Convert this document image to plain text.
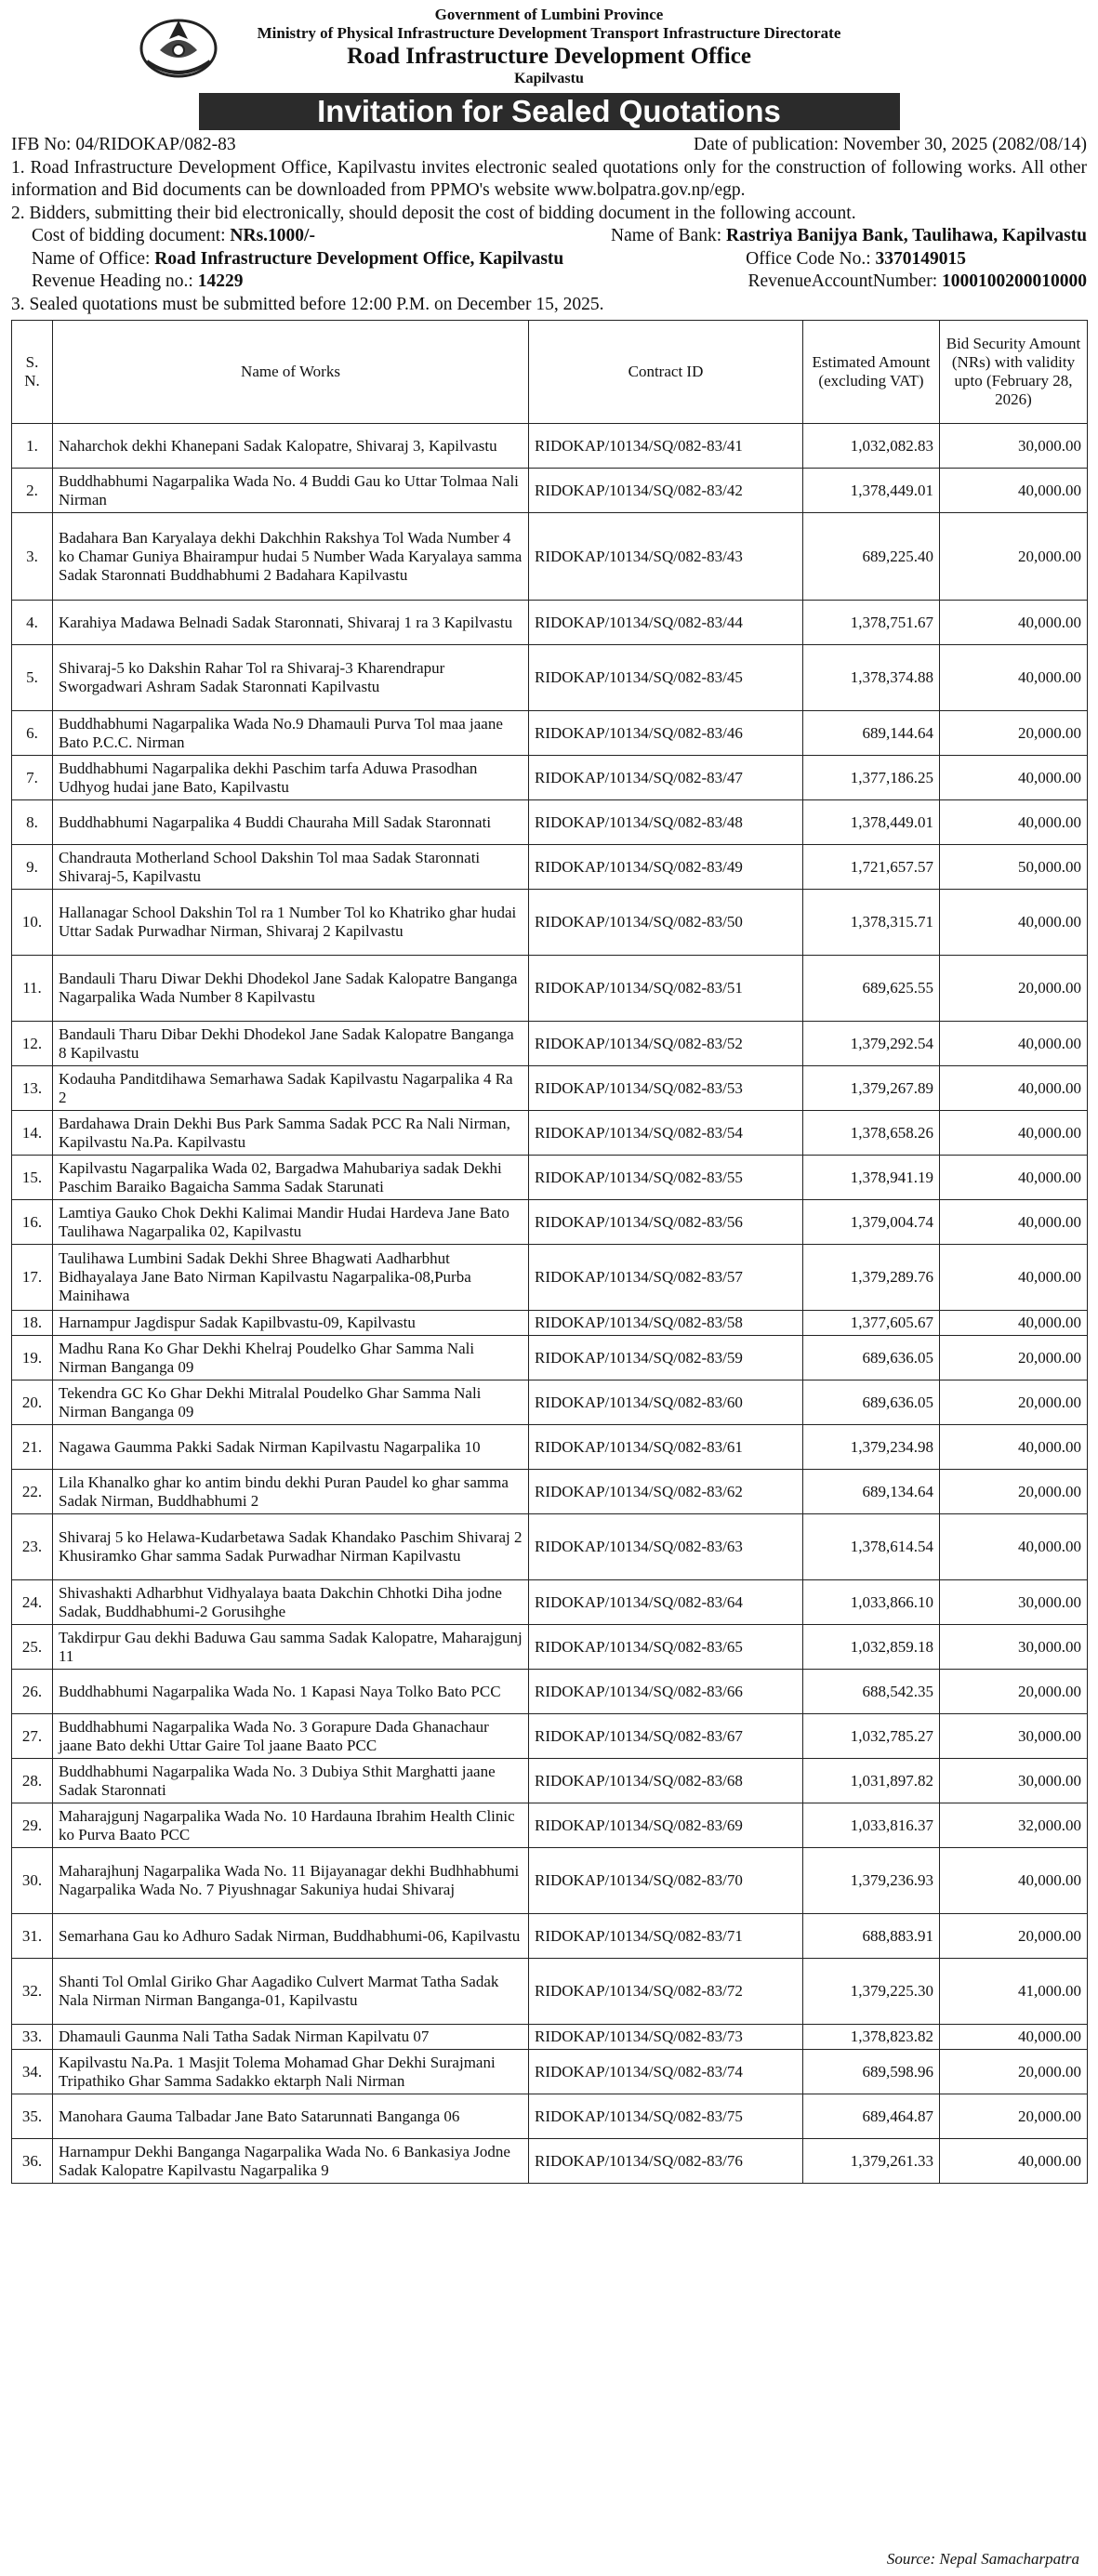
Government of Lumbini Province
Ministry of Physical Infrastructure Development Transport Infrastructure Directorate
Road Infrastructure Development Office
Kapilvastu
Invitation for Sealed Quotations
IFB No: 04/RIDOKAP/082-83	Date of publication: November 30, 2025 (2082/08/14)
1. Road Infrastructure Development Office, Kapilvastu invites electronic sealed quotations only for the construction of following works. All other information and Bid documents can be downloaded from PPMO's website www.bolpatra.gov.np/egp.
2. Bidders, submitting their bid electronically, should deposit the cost of bidding document in the following account.
Cost of bidding document: NRs.1000/-	Name of Bank: Rastriya Banijya Bank, Taulihawa, Kapilvastu
Name of Office: Road Infrastructure Development Office, Kapilvastu	Office Code No.: 3370149015
Revenue Heading no.: 14229	RevenueAccountNumber: 1000100200010000
3. Sealed quotations must be submitted before 12:00 P.M. on December 15, 2025.
S. N.	Name of Works	Contract ID	Estimated Amount (excluding VAT)	Bid Security Amount (NRs) with validity upto (February 28, 2026)
1.	Naharchok dekhi Khanepani Sadak Kalopatre, Shivaraj 3, Kapilvastu	RIDOKAP/10134/SQ/082-83/41	1,032,082.83	30,000.00
2.	Buddhabhumi Nagarpalika Wada No. 4 Buddi Gau ko Uttar Tolmaa Nali Nirman	RIDOKAP/10134/SQ/082-83/42	1,378,449.01	40,000.00
3.	Badahara Ban Karyalaya dekhi Dakchhin Rakshya Tol Wada Number 4 ko Chamar Guniya Bhairampur hudai 5 Number Wada Karyalaya samma Sadak Staronnati Buddhabhumi 2 Badahara Kapilvastu	RIDOKAP/10134/SQ/082-83/43	689,225.40	20,000.00
4.	Karahiya Madawa Belnadi Sadak Staronnati, Shivaraj 1 ra 3 Kapilvastu	RIDOKAP/10134/SQ/082-83/44	1,378,751.67	40,000.00
5.	Shivaraj-5 ko Dakshin Rahar Tol ra Shivaraj-3 Kharendrapur Sworgadwari Ashram Sadak Staronnati Kapilvastu	RIDOKAP/10134/SQ/082-83/45	1,378,374.88	40,000.00
6.	Buddhabhumi Nagarpalika Wada No.9 Dhamauli Purva Tol maa jaane Bato P.C.C. Nirman	RIDOKAP/10134/SQ/082-83/46	689,144.64	20,000.00
7.	Buddhabhumi Nagarpalika dekhi Paschim tarfa Aduwa Prasodhan Udhyog hudai jane Bato, Kapilvastu	RIDOKAP/10134/SQ/082-83/47	1,377,186.25	40,000.00
8.	Buddhabhumi Nagarpalika 4 Buddi Chauraha Mill Sadak Staronnati	RIDOKAP/10134/SQ/082-83/48	1,378,449.01	40,000.00
9.	Chandrauta Motherland School Dakshin Tol maa Sadak Staronnati Shivaraj-5, Kapilvastu	RIDOKAP/10134/SQ/082-83/49	1,721,657.57	50,000.00
10.	Hallanagar School Dakshin Tol ra 1 Number Tol ko Khatriko ghar hudai Uttar Sadak Purwadhar Nirman, Shivaraj 2 Kapilvastu	RIDOKAP/10134/SQ/082-83/50	1,378,315.71	40,000.00
11.	Bandauli Tharu Diwar Dekhi Dhodekol Jane Sadak Kalopatre Banganga Nagarpalika Wada Number 8 Kapilvastu	RIDOKAP/10134/SQ/082-83/51	689,625.55	20,000.00
12.	Bandauli Tharu Dibar Dekhi Dhodekol Jane Sadak Kalopatre Banganga 8 Kapilvastu	RIDOKAP/10134/SQ/082-83/52	1,379,292.54	40,000.00
13.	Kodauha Panditdihawa Semarhawa Sadak Kapilvastu Nagarpalika 4 Ra 2	RIDOKAP/10134/SQ/082-83/53	1,379,267.89	40,000.00
14.	Bardahawa Drain Dekhi Bus Park Samma Sadak PCC Ra Nali Nirman, Kapilvastu Na.Pa. Kapilvastu	RIDOKAP/10134/SQ/082-83/54	1,378,658.26	40,000.00
15.	Kapilvastu Nagarpalika Wada 02, Bargadwa Mahubariya sadak Dekhi Paschim Baraiko Bagaicha Samma Sadak Starunati	RIDOKAP/10134/SQ/082-83/55	1,378,941.19	40,000.00
16.	Lamtiya Gauko Chok Dekhi Kalimai Mandir Hudai Hardeva Jane Bato Taulihawa Nagarpalika 02, Kapilvastu	RIDOKAP/10134/SQ/082-83/56	1,379,004.74	40,000.00
17.	Taulihawa Lumbini Sadak Dekhi Shree Bhagwati Aadharbhut Bidhayalaya Jane Bato Nirman Kapilvastu Nagarpalika-08,Purba Mainihawa	RIDOKAP/10134/SQ/082-83/57	1,379,289.76	40,000.00
18.	Harnampur Jagdispur Sadak Kapilbvastu-09, Kapilvastu	RIDOKAP/10134/SQ/082-83/58	1,377,605.67	40,000.00
19.	Madhu Rana Ko Ghar Dekhi Khelraj Poudelko Ghar Samma Nali Nirman Banganga 09	RIDOKAP/10134/SQ/082-83/59	689,636.05	20,000.00
20.	Tekendra GC Ko Ghar Dekhi Mitralal Poudelko Ghar Samma Nali Nirman Banganga 09	RIDOKAP/10134/SQ/082-83/60	689,636.05	20,000.00
21.	Nagawa Gaumma Pakki Sadak Nirman Kapilvastu Nagarpalika 10	RIDOKAP/10134/SQ/082-83/61	1,379,234.98	40,000.00
22.	Lila Khanalko ghar ko antim bindu dekhi Puran Paudel ko ghar samma Sadak Nirman, Buddhabhumi 2	RIDOKAP/10134/SQ/082-83/62	689,134.64	20,000.00
23.	Shivaraj 5 ko Helawa-Kudarbetawa Sadak Khandako Paschim Shivaraj 2 Khusiramko Ghar samma Sadak Purwadhar Nirman Kapilvastu	RIDOKAP/10134/SQ/082-83/63	1,378,614.54	40,000.00
24.	Shivashakti Adharbhut Vidhyalaya baata Dakchin Chhotki Diha jodne Sadak, Buddhabhumi-2 Gorusihghe	RIDOKAP/10134/SQ/082-83/64	1,033,866.10	30,000.00
25.	Takdirpur Gau dekhi Baduwa Gau samma Sadak Kalopatre, Maharajgunj 11	RIDOKAP/10134/SQ/082-83/65	1,032,859.18	30,000.00
26.	Buddhabhumi Nagarpalika Wada No. 1 Kapasi Naya Tolko Bato PCC	RIDOKAP/10134/SQ/082-83/66	688,542.35	20,000.00
27.	Buddhabhumi Nagarpalika Wada No. 3 Gorapure Dada Ghanachaur jaane Bato dekhi Uttar Gaire Tol jaane Baato PCC	RIDOKAP/10134/SQ/082-83/67	1,032,785.27	30,000.00
28.	Buddhabhumi Nagarpalika Wada No. 3 Dubiya Sthit Marghatti jaane Sadak Staronnati	RIDOKAP/10134/SQ/082-83/68	1,031,897.82	30,000.00
29.	Maharajgunj Nagarpalika Wada No. 10 Hardauna Ibrahim Health Clinic ko Purva Baato PCC	RIDOKAP/10134/SQ/082-83/69	1,033,816.37	32,000.00
30.	Maharajhunj Nagarpalika Wada No. 11 Bijayanagar dekhi Budhhabhumi Nagarpalika Wada No. 7 Piyushnagar Sakuniya hudai Shivaraj	RIDOKAP/10134/SQ/082-83/70	1,379,236.93	40,000.00
31.	Semarhana Gau ko Adhuro Sadak Nirman, Buddhabhumi-06, Kapilvastu	RIDOKAP/10134/SQ/082-83/71	688,883.91	20,000.00
32.	Shanti Tol Omlal Giriko Ghar Aagadiko Culvert Marmat Tatha Sadak Nala Nirman Nirman Banganga-01, Kapilvastu	RIDOKAP/10134/SQ/082-83/72	1,379,225.30	41,000.00
33.	Dhamauli Gaunma Nali Tatha Sadak Nirman Kapilvatu 07	RIDOKAP/10134/SQ/082-83/73	1,378,823.82	40,000.00
34.	Kapilvastu Na.Pa. 1 Masjit Tolema Mohamad Ghar Dekhi Surajmani Tripathiko Ghar Samma Sadakko ektarph Nali Nirman	RIDOKAP/10134/SQ/082-83/74	689,598.96	20,000.00
35.	Manohara Gauma Talbadar Jane Bato Satarunnati Banganga 06	RIDOKAP/10134/SQ/082-83/75	689,464.87	20,000.00
36.	Harnampur Dekhi Banganga Nagarpalika Wada No. 6 Bankasiya Jodne Sadak Kalopatre Kapilvastu Nagarpalika 9	RIDOKAP/10134/SQ/082-83/76	1,379,261.33	40,000.00
Source: Nepal Samacharpatra
